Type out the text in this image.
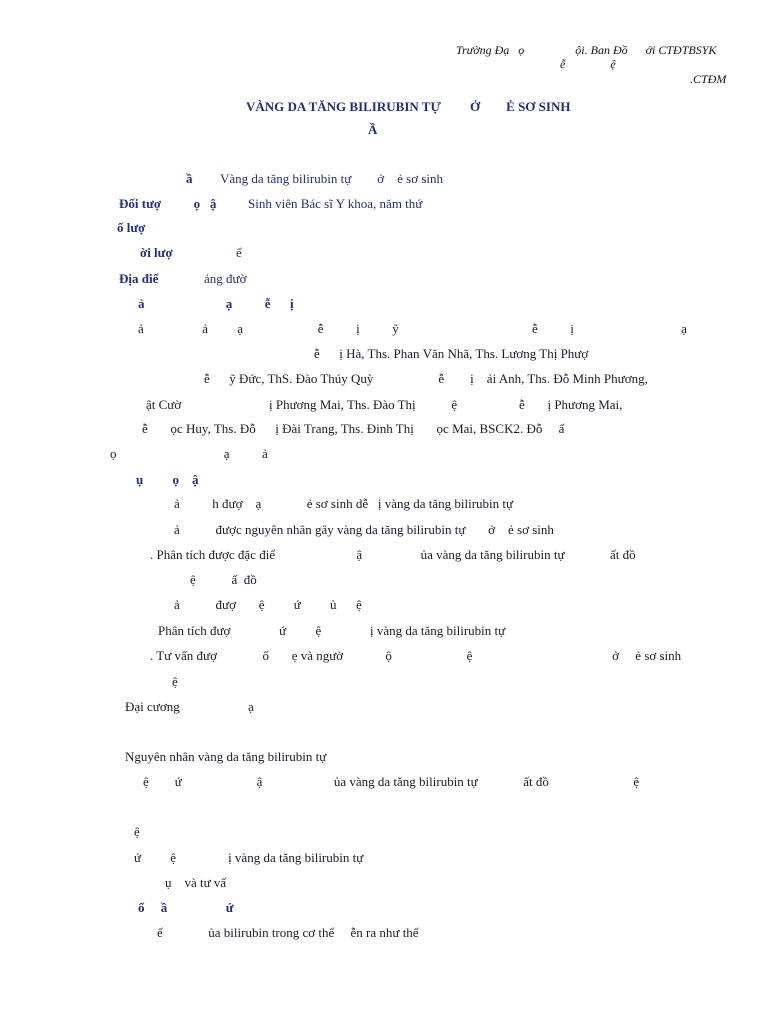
Trường Đạ   ọ                 ội. Ban Đồ      ới CTĐTBSYK
ễ               ệ
.CTĐM
VÀNG DA TĂNG BILIRUBIN TỰ         Ở        Ẻ SƠ SINH
Ầ
ầ Vàng da tăng bilirubin tự        ở    ẻ sơ sinh
Đối tượ          ọ   ậ Sinh viên Bác sĩ Y khoa, năm thứ
ố lượ
ời lượ	ế
Địa điể	ảng đườ
ả                         ạ          ễ      ị
ả                  ả         ạ                       ễ          ị          ỹ                                         ễ          ị                                 ạ
ễ      ị Hà, Ths. Phan Văn Nhã, Ths. Lương Thị Phượ
ễ      ỹ Đức, ThS. Đào Thúy Quỳ                    ễ        ị    ải Anh, Ths. Đỗ Minh Phương,
ật Cườ                           ị Phương Mai, Ths. Đào Thị           ệ                   ễ       ị Phương Mai,
ễ       ọc Huy, Ths. Đỗ      ị Đài Trang, Ths. Đinh Thị       ọc Mai, BSCK2. Đỗ     ấ
ọ                                 ạ          ả
ụ         ọ    ậ
ả          h đượ    ạ              ẻ sơ sinh dễ   ị vàng da tăng bilirubin tự
ả           được nguyên nhân gây vàng da tăng bilirubin tự       ở    ẻ sơ sinh
. Phân tích được đặc điể                         ậ                  ủa vàng da tăng bilirubin tự              ất đồ
ệ           ấ  đồ
ả           đượ       ệ         ứ         ủ      ệ
Phân tích đượ               ứ         ệ               ị vàng da tăng bilirubin tự
. Tư vấn đượ              ố       ẹ và ngườ             ộ                       ệ                                           ở     ẻ sơ sinh
ệ
Đại cương                     ạ
Nguyên nhân vàng da tăng bilirubin tự
ệ        ứ                       ậ                      ủa vàng da tăng bilirubin tự              ất đồ                          ệ
ệ
ứ         ệ                ị vàng da tăng bilirubin tự
ụ    và tư vấ
ổ     ầ                  ứ
ế              ủa bilirubin trong cơ thể     ễn ra như thế
